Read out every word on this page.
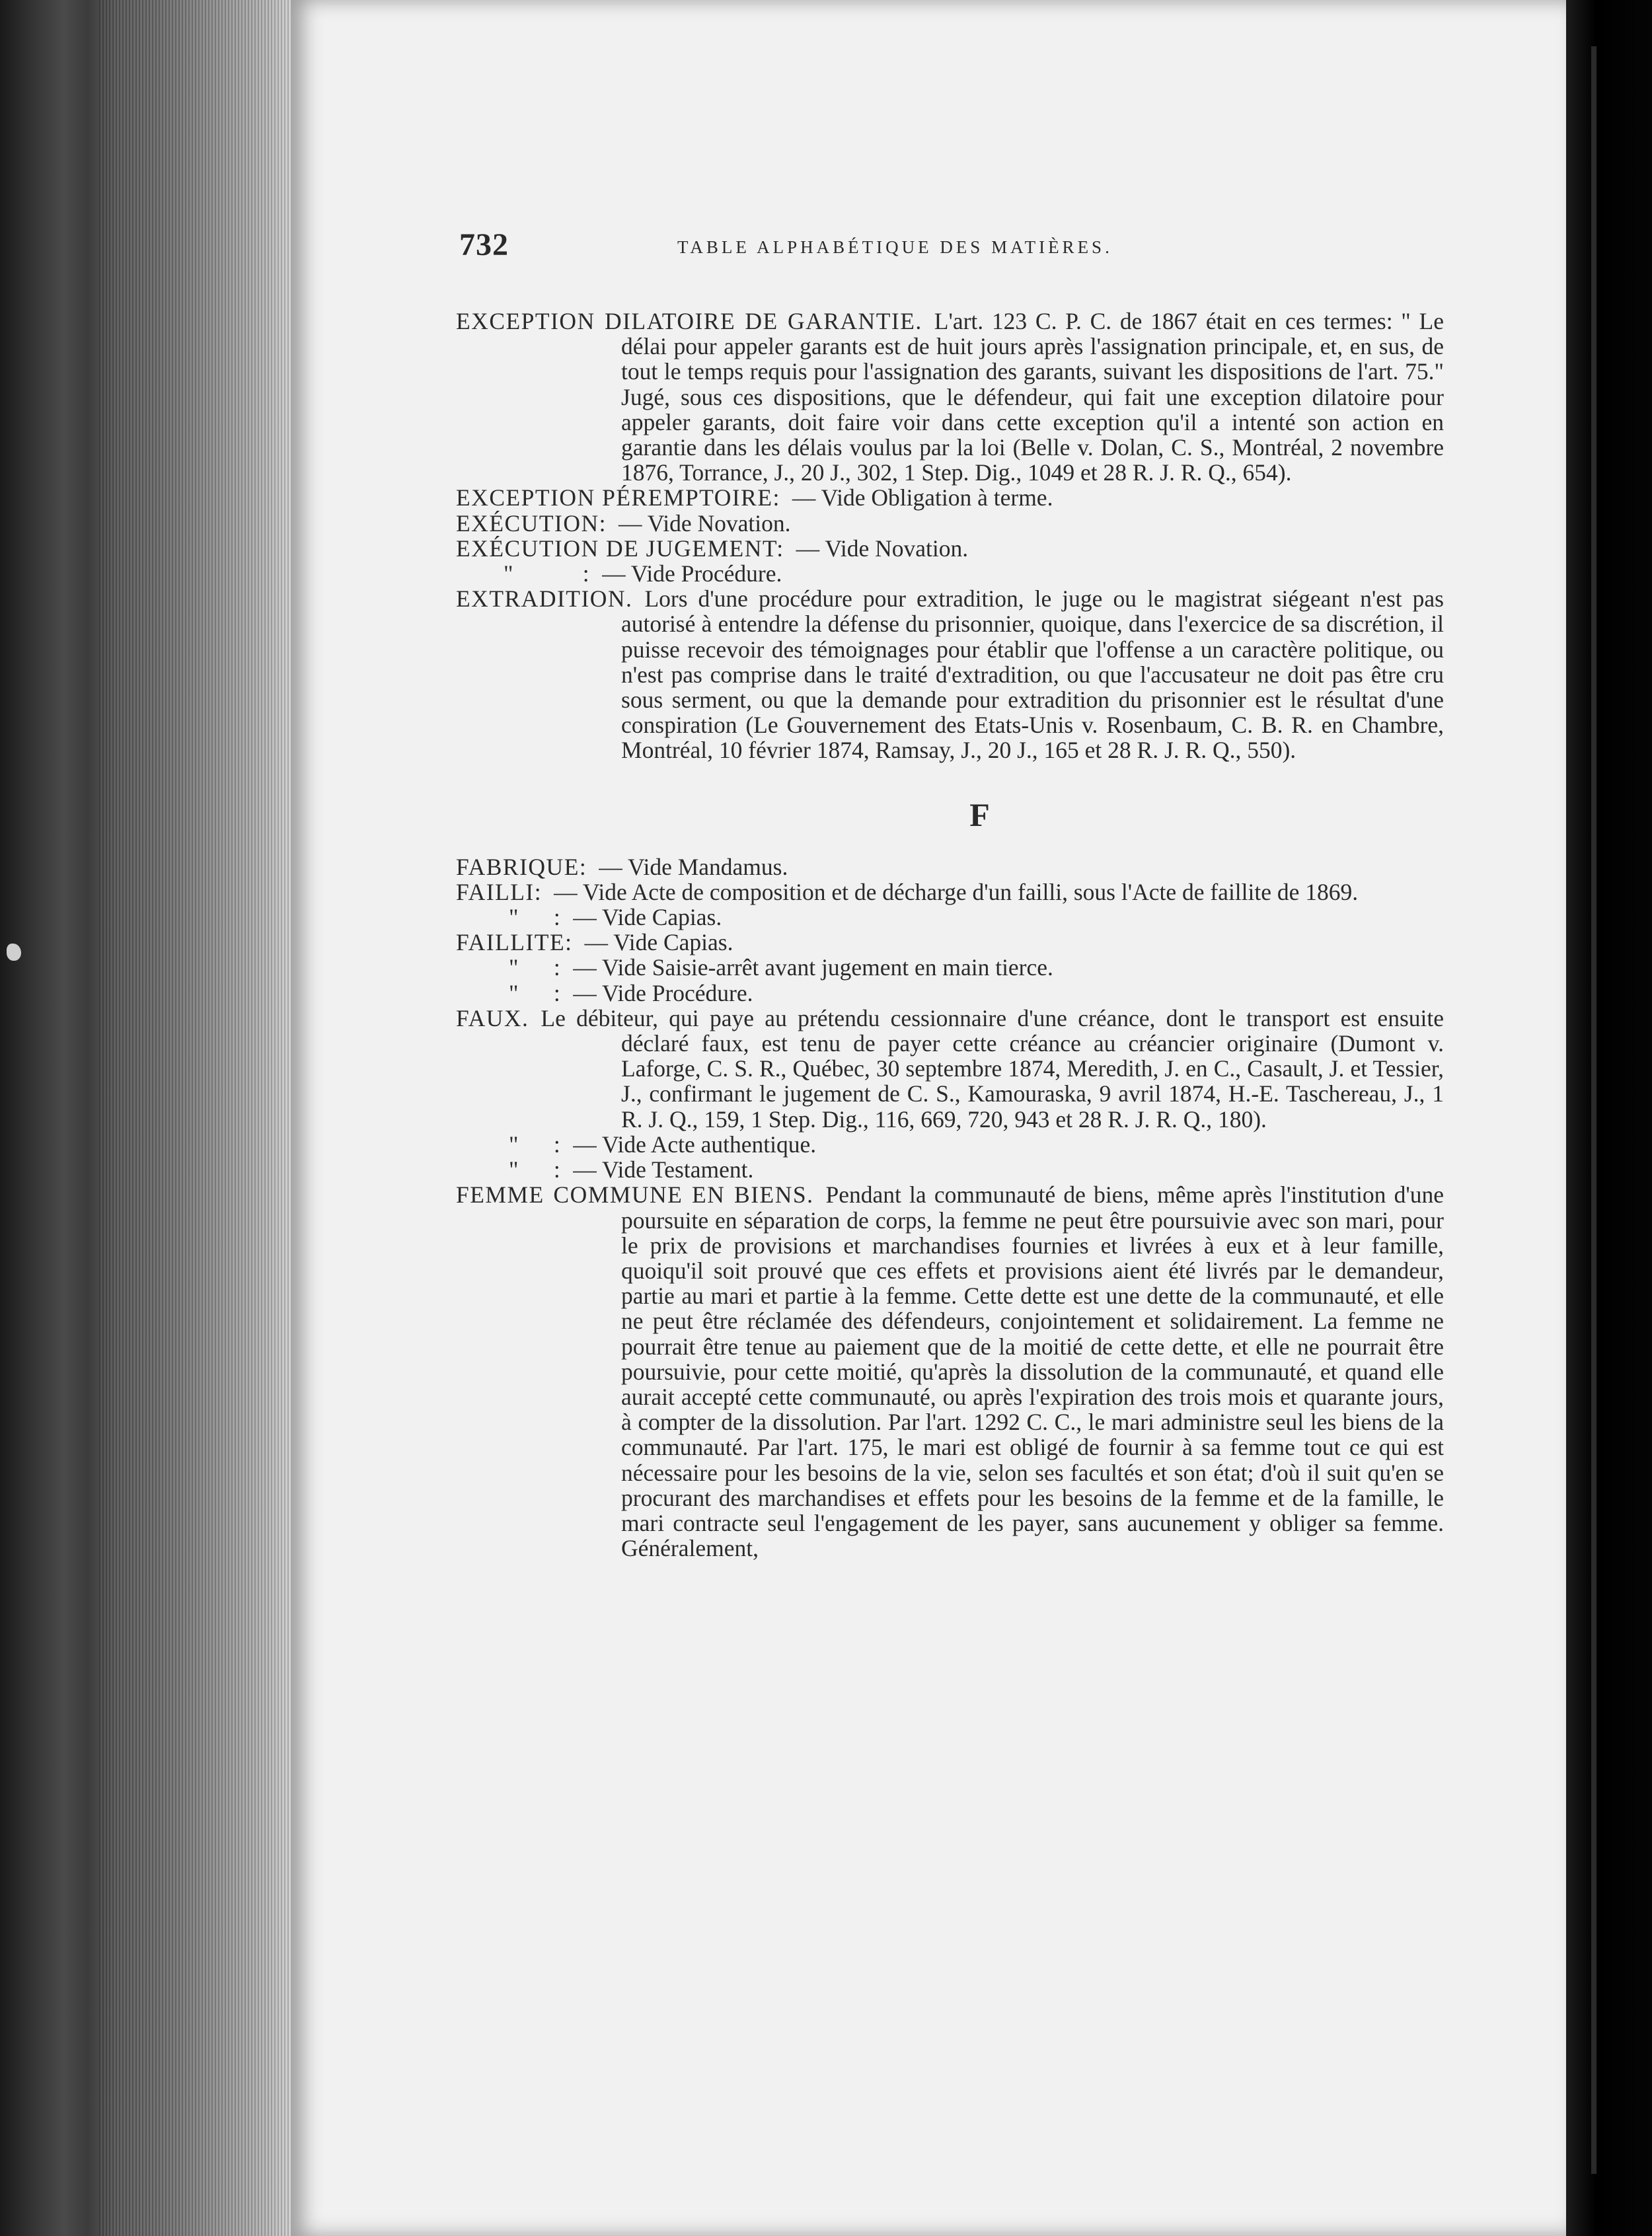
732	TABLE ALPHABÉTIQUE DES MATIÈRES.

EXCEPTION DILATOIRE DE GARANTIE. L'art. 123 C. P. C. de 1867 était en ces termes: " Le délai pour appeler garants est de huit jours après l'assignation principale, et, en sus, de tout le temps requis pour l'assignation des garants, suivant les dispositions de l'art. 75." Jugé, sous ces dispositions, que le défendeur, qui fait une exception dilatoire pour appeler garants, doit faire voir dans cette exception qu'il a intenté son action en garantie dans les délais voulus par la loi (Belle v. Dolan, C. S., Montréal, 2 novembre 1876, Torrance, J., 20 J., 302, 1 Step. Dig., 1049 et 28 R. J. R. Q., 654).

EXCEPTION PÉREMPTOIRE: — Vide Obligation à terme.

EXÉCUTION: — Vide Novation.

EXÉCUTION DE JUGEMENT: — Vide Novation.

"          : — Vide Procédure.

EXTRADITION. Lors d'une procédure pour extradition, le juge ou le magistrat siégeant n'est pas autorisé à entendre la défense du prisonnier, quoique, dans l'exercice de sa discrétion, il puisse recevoir des témoignages pour établir que l'offense a un caractère politique, ou n'est pas comprise dans le traité d'extradition, ou que l'accusateur ne doit pas être cru sous serment, ou que la demande pour extradition du prisonnier est le résultat d'une conspiration (Le Gouvernement des Etats-Unis v. Rosenbaum, C. B. R. en Chambre, Montréal, 10 février 1874, Ramsay, J., 20 J., 165 et 28 R. J. R. Q., 550).

F

FABRIQUE: — Vide Mandamus.

FAILLI: — Vide Acte de composition et de décharge d'un failli, sous l'Acte de faillite de 1869.

"     : — Vide Capias.

FAILLITE: — Vide Capias.

"     : — Vide Saisie-arrêt avant jugement en main tierce.

"     : — Vide Procédure.

FAUX. Le débiteur, qui paye au prétendu cessionnaire d'une créance, dont le transport est ensuite déclaré faux, est tenu de payer cette créance au créancier originaire (Dumont v. Laforge, C. S. R., Québec, 30 septembre 1874, Meredith, J. en C., Casault, J. et Tessier, J., confirmant le jugement de C. S., Kamouraska, 9 avril 1874, H.-E. Taschereau, J., 1 R. J. Q., 159, 1 Step. Dig., 116, 669, 720, 943 et 28 R. J. R. Q., 180).

"     : — Vide Acte authentique.

"     : — Vide Testament.

FEMME COMMUNE EN BIENS. Pendant la communauté de biens, même après l'institution d'une poursuite en séparation de corps, la femme ne peut être poursuivie avec son mari, pour le prix de provisions et marchandises fournies et livrées à eux et à leur famille, quoiqu'il soit prouvé que ces effets et provisions aient été livrés par le demandeur, partie au mari et partie à la femme. Cette dette est une dette de la communauté, et elle ne peut être réclamée des défendeurs, conjointement et solidairement. La femme ne pourrait être tenue au paiement que de la moitié de cette dette, et elle ne pourrait être poursuivie, pour cette moitié, qu'après la dissolution de la communauté, et quand elle aurait accepté cette communauté, ou après l'expiration des trois mois et quarante jours, à compter de la dissolution. Par l'art. 1292 C. C., le mari administre seul les biens de la communauté. Par l'art. 175, le mari est obligé de fournir à sa femme tout ce qui est nécessaire pour les besoins de la vie, selon ses facultés et son état; d'où il suit qu'en se procurant des marchandises et effets pour les besoins de la femme et de la famille, le mari contracte seul l'engagement de les payer, sans aucunement y obliger sa femme. Généralement,
